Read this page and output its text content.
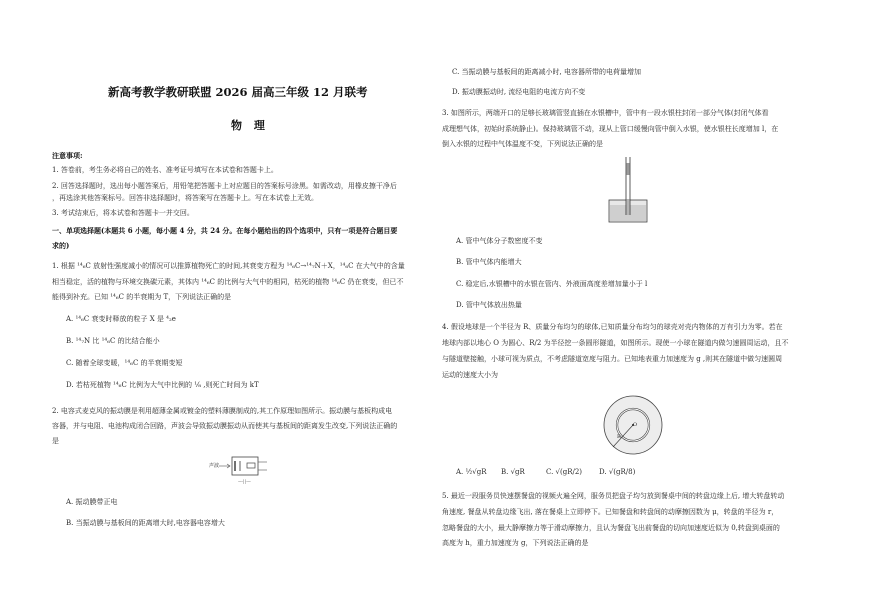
新高考教学教研联盟 2026 届高三年级 12 月联考
物 理
注意事项:
1. 答卷前，考生务必将自己的姓名、准考证号填写在本试卷和答题卡上。
2. 回答选择题时，选出每小题答案后，用铅笔把答题卡上对应题目的答案标号涂黑。如需改动，用橡皮擦干净后
，再选涂其他答案标号。回答非选择题时，将答案写在答题卡上。写在本试卷上无效。
3. 考试结束后，将本试卷和答题卡一并交回。
一、单项选择题(本题共 6 小题，每小题 4 分，共 24 分。在每小题给出的四个选项中，只有一项是符合题目要
求的)
1. 根据 ¹⁴₆C 放射性强度减小的情况可以推算植物死亡的时间,其衰变方程为 ¹⁴₆C→¹⁴₇N＋X，¹⁴₆C 在大气中的含量
相当稳定，活的植物与环境交换碳元素，其体内 ¹⁴₆C 的比例与大气中的相同，枯死的植物 ¹⁴₆C 仍在衰变，但已不
能得到补充。已知 ¹⁴₆C 的半衰期为 T，下列说法正确的是
A. ¹⁴₆C 衰变时释放的粒子 X 是 ⁴₂e
B. ¹⁴₇N 比 ¹⁴₆C 的比结合能小
C. 随着全球变暖，¹⁴₆C 的半衰期变短
D. 若枯死植物 ¹⁴₆C 比例为大气中比例的 ¹⁄₈ ,则死亡时间为 kT
2. 电容式麦克风的振动膜是利用超薄金属或镀金的塑料薄膜制成的,其工作原理如图所示。振动膜与基板构成电
容器，并与电阻、电池构成闭合回路，声波会导致振动膜振动从而使其与基板间的距离发生改变,下列说法正确的
是
—┤├—
声波
A. 振动膜带正电
B. 当振动膜与基板间的距离增大时,电容器电容增大
C. 当振动膜与基板间的距离减小时, 电容器所带的电荷量增加
D. 振动膜振动时, 流经电阻的电流方向不变
3. 如图所示，两端开口的足够长玻璃管竖直插在水银槽中，管中有一段水银柱封闭一部分气体(封闭气体看
成理想气体，初始时系统静止)。保持玻璃管不动，现从上管口缓慢向管中倒入水银，使水银柱长度增加 l，在
倒入水银的过程中气体温度不变，下列说法正确的是
A. 管中气体分子数密度不变
B. 管中气体内能增大
C. 稳定后,水银槽中的水银在管内、外液面高度差增加量小于 l
D. 管中气体放出热量
4. 假设地球是一个半径为 R、质量分布均匀的球体,已知质量分布均匀的球壳对壳内物体的万有引力为零。若在
地球内部以地心 O 为圆心、R/2 为半径挖一条圆形隧道，如图所示。现使一小球在隧道内做匀速圆周运动，且不
与隧道壁接触，小球可视为质点，不考虑隧道宽度与阻力。已知地表重力加速度为 g ,则其在隧道中做匀速圆周
运动的速度大小为
O
R
A. ½√gR B. √gR	C. √(gR/2) D. √(gR/8)
5. 最近一段服务员快速摆餐盘的视频火遍全网，服务员把盘子均匀放到餐桌中间的转盘边缘上后, 增大转盘转动
角速度, 餐盘从转盘边缘飞出, 落在餐桌上立即停下。已知餐盘和转盘间的动摩擦因数为 μ，转盘的半径为 r，
忽略餐盘的大小，最大静摩擦力等于滑动摩擦力，且认为餐盘飞出前餐盘的切向加速度近似为 0,转盘到桌面的
高度为 h，重力加速度为 g，下列说法正确的是
